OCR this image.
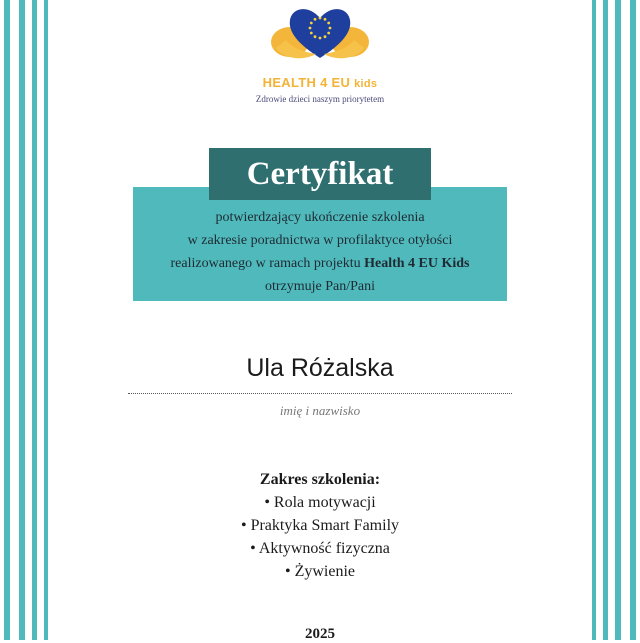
HEALTH 4 EU kids
Zdrowie dzieci naszym priorytetem
Certyfikat
potwierdzający ukończenie szkolenia
w zakresie poradnictwa w profilaktyce otyłości
realizowanego w ramach projektu Health 4 EU Kids
otrzymuje Pan/Pani
Ula Różalska
imię i nazwisko
Zakres szkolenia:
• Rola motywacji
• Praktyka Smart Family
• Aktywność fizyczna
• Żywienie
2025
